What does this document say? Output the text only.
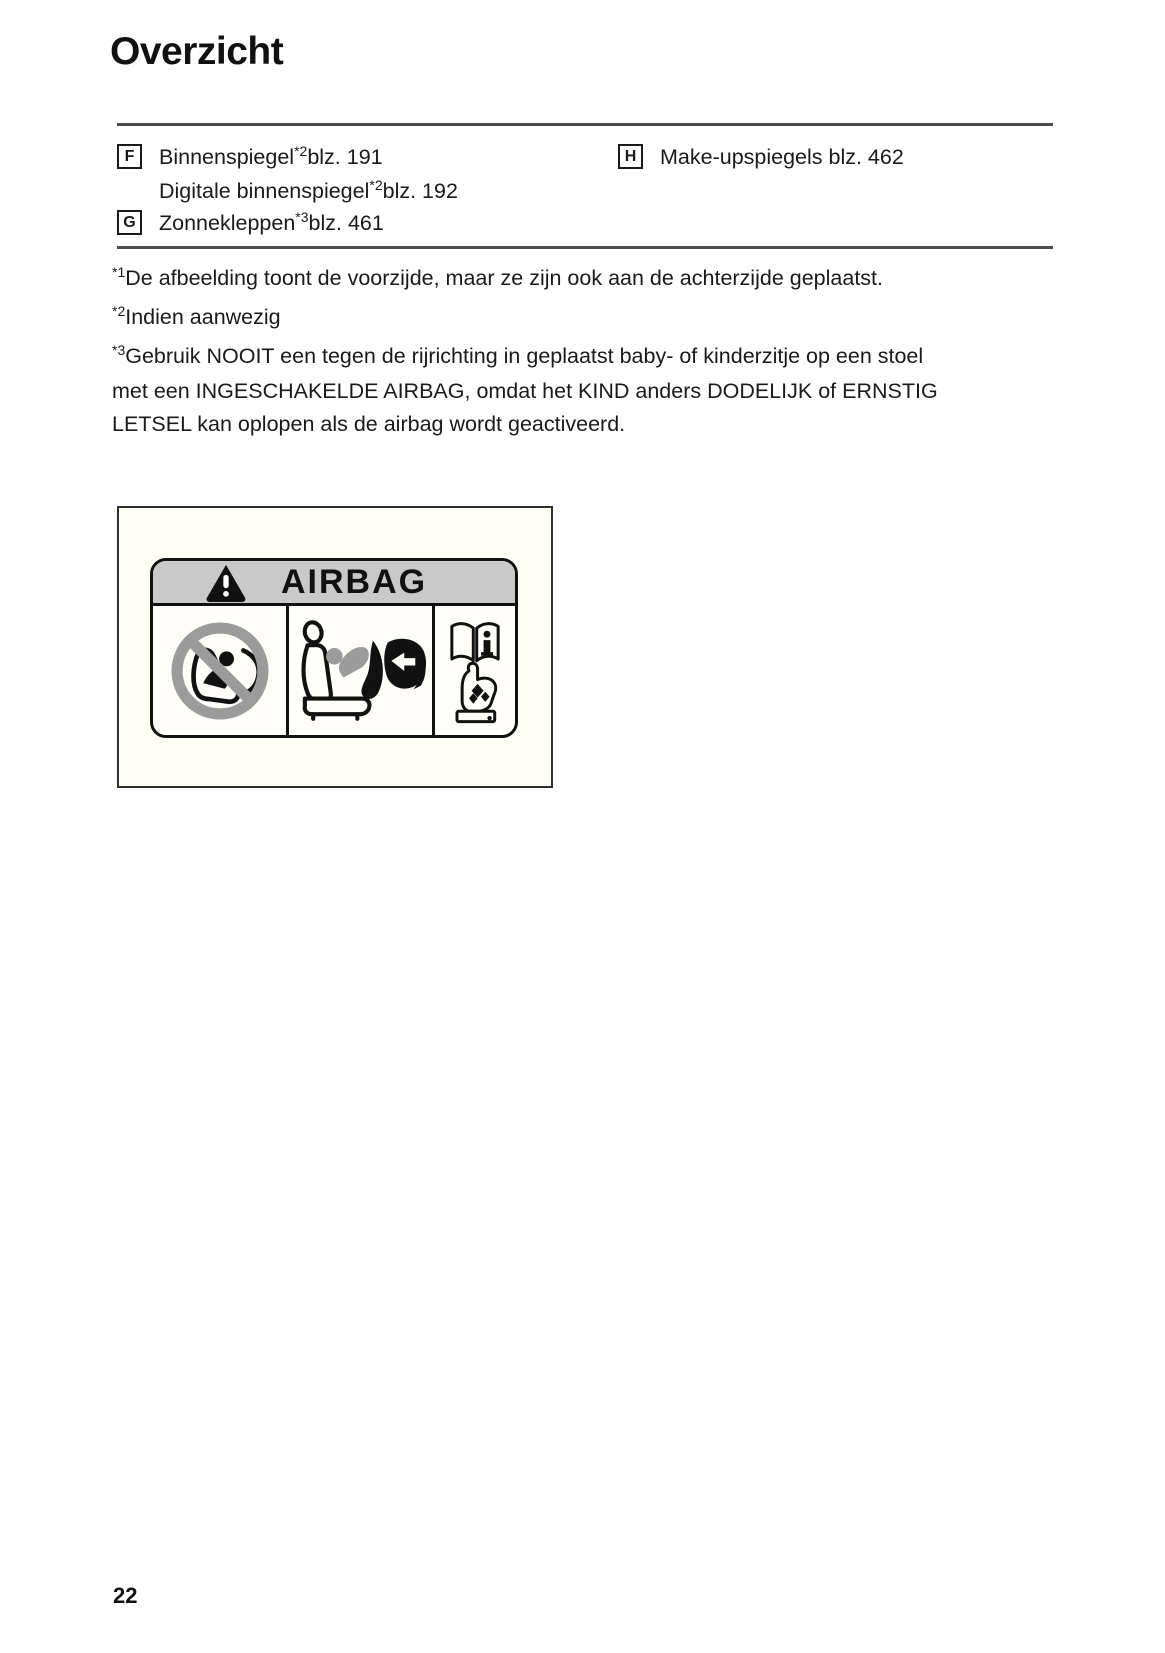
Overzicht
F	Binnenspiegel$^{*2}$blz. 191
Digitale binnenspiegel$^{*2}$blz. 192
G Zonnekleppen$^{*3}$blz. 461
H	Make-upspiegels blz. 462

$^{*1}$De afbeelding toont de voorzijde, maar ze zijn ook aan de achterzijde geplaatst.

$^{*2}$Indien aanwezig

$^{*3}$Gebruik NOOIT een tegen de rijrichting in geplaatst baby- of kinderzitje op een stoel
met een INGESCHAKELDE AIRBAG, omdat het KIND anders DODELIJK of ERNSTIG
LETSEL kan oplopen als de airbag wordt geactiveerd.

AIRBAG
22
